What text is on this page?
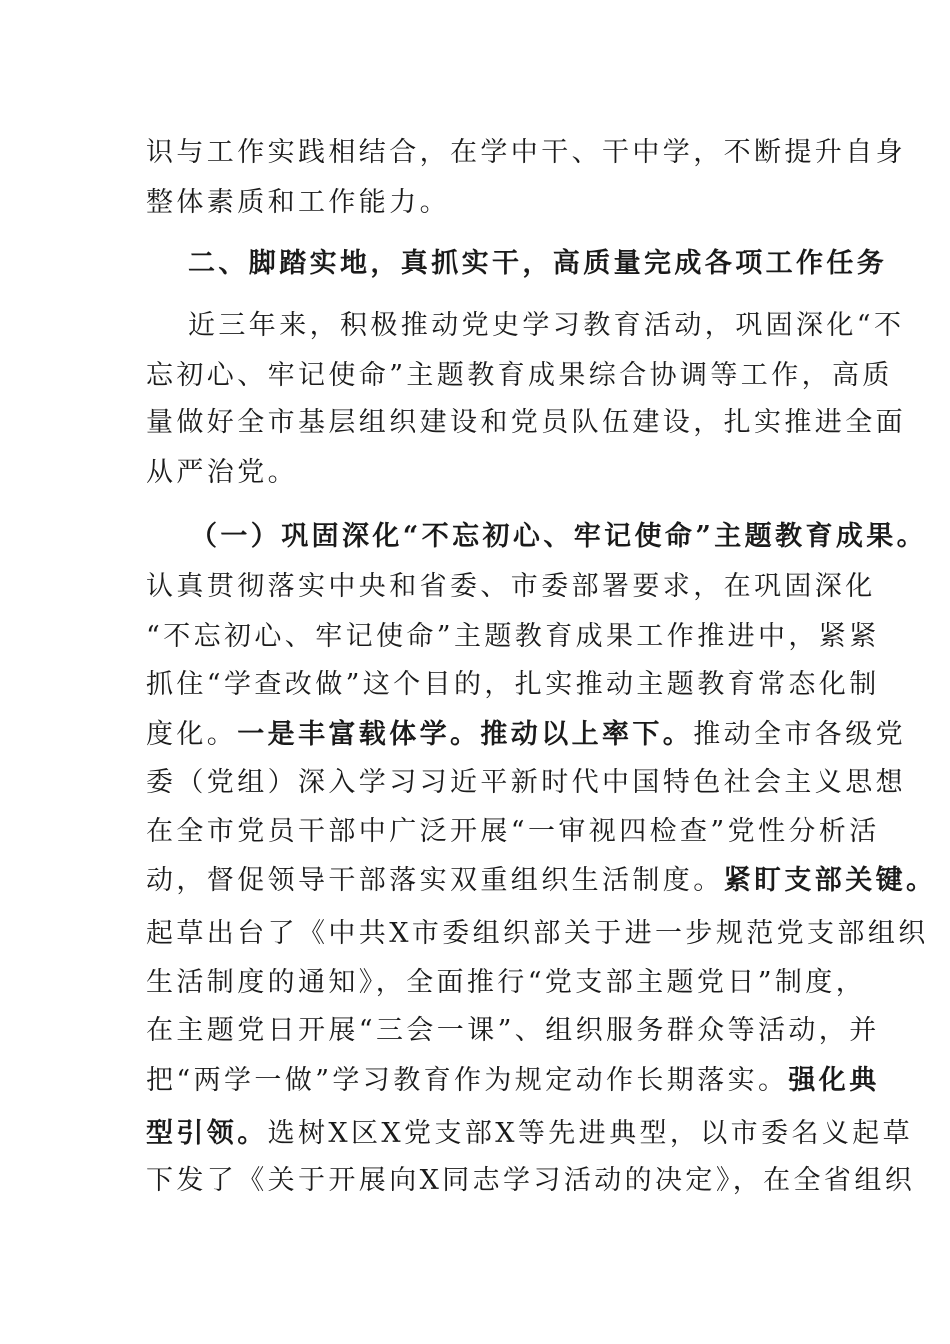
识与工作实践相结合，在学中干、干中学，不断提升自身
整体素质和工作能力。
二、脚踏实地，真抓实干，高质量完成各项工作任务
近三年来，积极推动党史学习教育活动，巩固深化“不
忘初心、牢记使命”主题教育成果综合协调等工作，高质
量做好全市基层组织建设和党员队伍建设，扎实推进全面
从严治党。
（一）巩固深化“不忘初心、牢记使命”主题教育成果。
认真贯彻落实中央和省委、市委部署要求，在巩固深化
“不忘初心、牢记使命”主题教育成果工作推进中，紧紧
抓住“学查改做”这个目的，扎实推动主题教育常态化制
度化。一是丰富载体学。推动以上率下。推动全市各级党
委（党组）深入学习习近平新时代中国特色社会主义思想
在全市党员干部中广泛开展“一审视四检查”党性分析活
动，督促领导干部落实双重组织生活制度。紧盯支部关键。
起草出台了《中共X市委组织部关于进一步规范党支部组织
生活制度的通知》，全面推行“党支部主题党日”制度，
在主题党日开展“三会一课”、组织服务群众等活动，并
把“两学一做”学习教育作为规定动作长期落实。强化典
型引领。选树X区X党支部X等先进典型，以市委名义起草
下发了《关于开展向X同志学习活动的决定》，在全省组织
